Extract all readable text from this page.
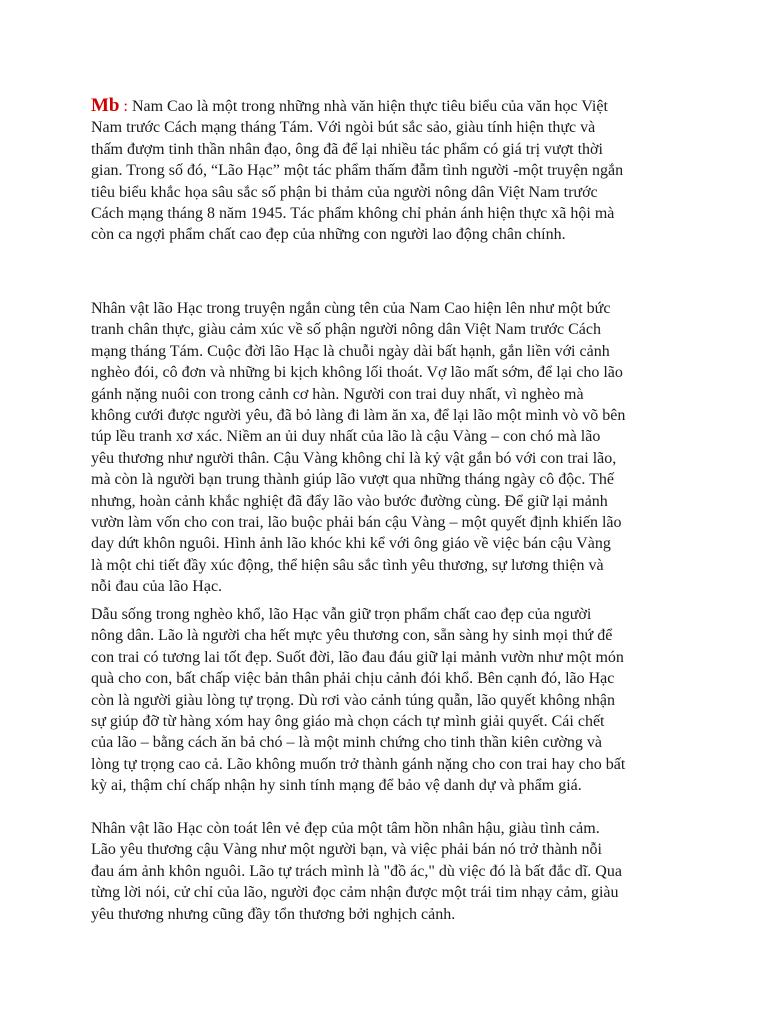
Mb : Nam Cao là một trong những nhà văn hiện thực tiêu biểu của văn học Việt
Nam trước Cách mạng tháng Tám. Với ngòi bút sắc sảo, giàu tính hiện thực và
thấm đượm tinh thần nhân đạo, ông đã để lại nhiều tác phẩm có giá trị vượt thời
gian. Trong số đó, “Lão Hạc” một tác phẩm thấm đẫm tình người -một truyện ngắn
tiêu biểu khắc họa sâu sắc số phận bi thảm của người nông dân Việt Nam trước
Cách mạng tháng 8 năm 1945. Tác phẩm không chỉ phản ánh hiện thực xã hội mà
còn ca ngợi phẩm chất cao đẹp của những con người lao động chân chính.

Nhân vật lão Hạc trong truyện ngắn cùng tên của Nam Cao hiện lên như một bức
tranh chân thực, giàu cảm xúc về số phận người nông dân Việt Nam trước Cách
mạng tháng Tám. Cuộc đời lão Hạc là chuỗi ngày dài bất hạnh, gắn liền với cảnh
nghèo đói, cô đơn và những bi kịch không lối thoát. Vợ lão mất sớm, để lại cho lão
gánh nặng nuôi con trong cảnh cơ hàn. Người con trai duy nhất, vì nghèo mà
không cưới được người yêu, đã bỏ làng đi làm ăn xa, để lại lão một mình vò võ bên
túp lều tranh xơ xác. Niềm an ủi duy nhất của lão là cậu Vàng – con chó mà lão
yêu thương như người thân. Cậu Vàng không chỉ là kỷ vật gắn bó với con trai lão,
mà còn là người bạn trung thành giúp lão vượt qua những tháng ngày cô độc. Thế
nhưng, hoàn cảnh khắc nghiệt đã đẩy lão vào bước đường cùng. Để giữ lại mảnh
vườn làm vốn cho con trai, lão buộc phải bán cậu Vàng – một quyết định khiến lão
day dứt khôn nguôi. Hình ảnh lão khóc khi kể với ông giáo về việc bán cậu Vàng
là một chi tiết đầy xúc động, thể hiện sâu sắc tình yêu thương, sự lương thiện và
nỗi đau của lão Hạc.

Dẫu sống trong nghèo khổ, lão Hạc vẫn giữ trọn phẩm chất cao đẹp của người
nông dân. Lão là người cha hết mực yêu thương con, sẵn sàng hy sinh mọi thứ để
con trai có tương lai tốt đẹp. Suốt đời, lão đau đáu giữ lại mảnh vườn như một món
quà cho con, bất chấp việc bản thân phải chịu cảnh đói khổ. Bên cạnh đó, lão Hạc
còn là người giàu lòng tự trọng. Dù rơi vào cảnh túng quẫn, lão quyết không nhận
sự giúp đỡ từ hàng xóm hay ông giáo mà chọn cách tự mình giải quyết. Cái chết
của lão – bằng cách ăn bả chó – là một minh chứng cho tinh thần kiên cường và
lòng tự trọng cao cả. Lão không muốn trở thành gánh nặng cho con trai hay cho bất
kỳ ai, thậm chí chấp nhận hy sinh tính mạng để bảo vệ danh dự và phẩm giá.

Nhân vật lão Hạc còn toát lên vẻ đẹp của một tâm hồn nhân hậu, giàu tình cảm.
Lão yêu thương cậu Vàng như một người bạn, và việc phải bán nó trở thành nỗi
đau ám ảnh khôn nguôi. Lão tự trách mình là "đồ ác," dù việc đó là bất đắc dĩ. Qua
từng lời nói, cử chỉ của lão, người đọc cảm nhận được một trái tim nhạy cảm, giàu
yêu thương nhưng cũng đầy tổn thương bởi nghịch cảnh.
